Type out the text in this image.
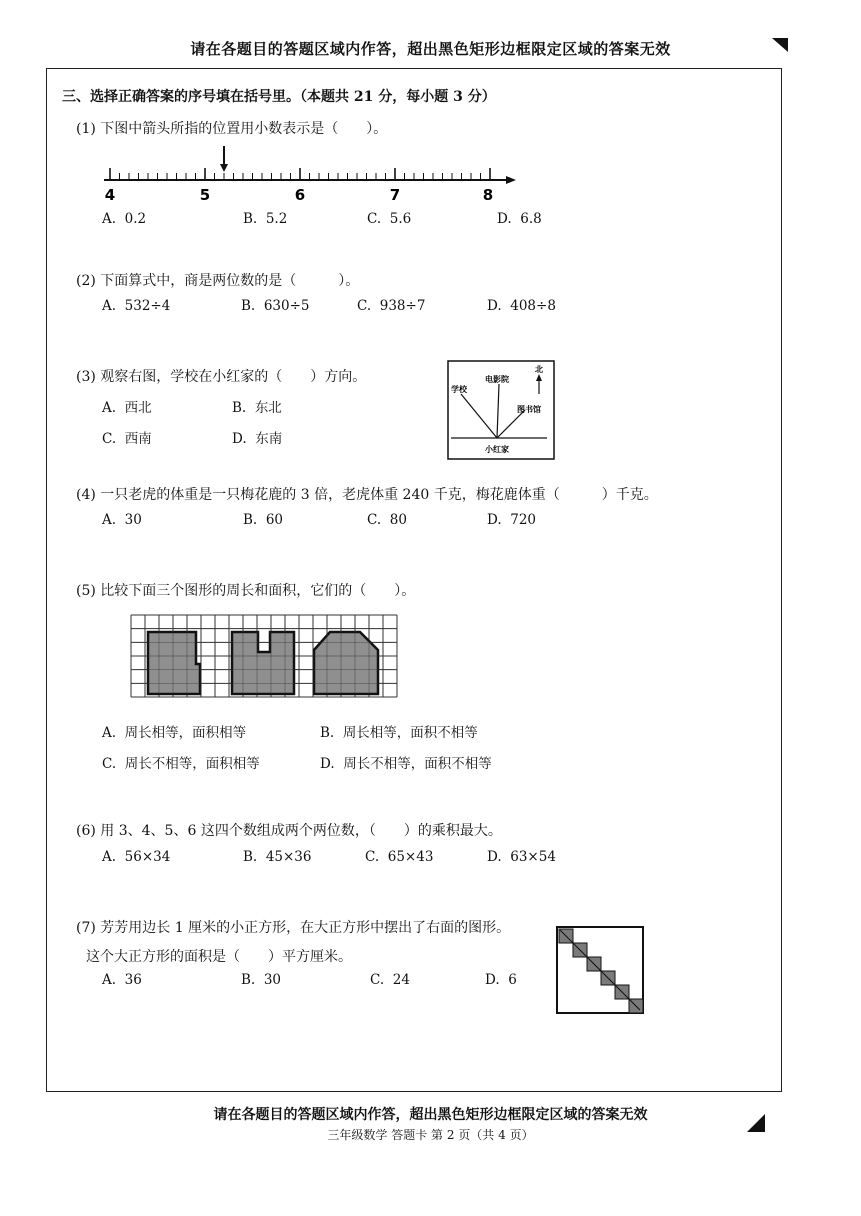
请在各题目的答题区域内作答，超出黑色矩形边框限定区域的答案无效
三、选择正确答案的序号填在括号里。（本题共 21 分，每小题 3 分）
(1) 下图中箭头所指的位置用小数表示是（　　）。
4	5	6	7	8
A. 0.2	B. 5.2	C. 5.6	D. 6.8
(2) 下面算式中，商是两位数的是（　　　）。
A. 532÷4	B. 630÷5	C. 938÷7	D. 408÷8
(3) 观察右图，学校在小红家的（　　）方向。
A. 西北	B. 东北
C. 西南	D. 东南
学校
电影院
图书馆
北
小红家
(4) 一只老虎的体重是一只梅花鹿的 3 倍，老虎体重 240 千克，梅花鹿体重（　　　）千克。
A. 30	B. 60	C. 80	D. 720
(5) 比较下面三个图形的周长和面积，它们的（　　）。
A. 周长相等，面积相等	B. 周长相等，面积不相等
C. 周长不相等，面积相等	D. 周长不相等，面积不相等
(6) 用 3、4、5、6 这四个数组成两个两位数，（　　）的乘积最大。
A. 56×34	B. 45×36	C. 65×43	D. 63×54
(7) 芳芳用边长 1 厘米的小正方形，在大正方形中摆出了右面的图形。
这个大正方形的面积是（　　）平方厘米。
A. 36	B. 30	C. 24	D. 6
请在各题目的答题区域内作答，超出黑色矩形边框限定区域的答案无效
三年级数学 答题卡 第 2 页（共 4 页）
